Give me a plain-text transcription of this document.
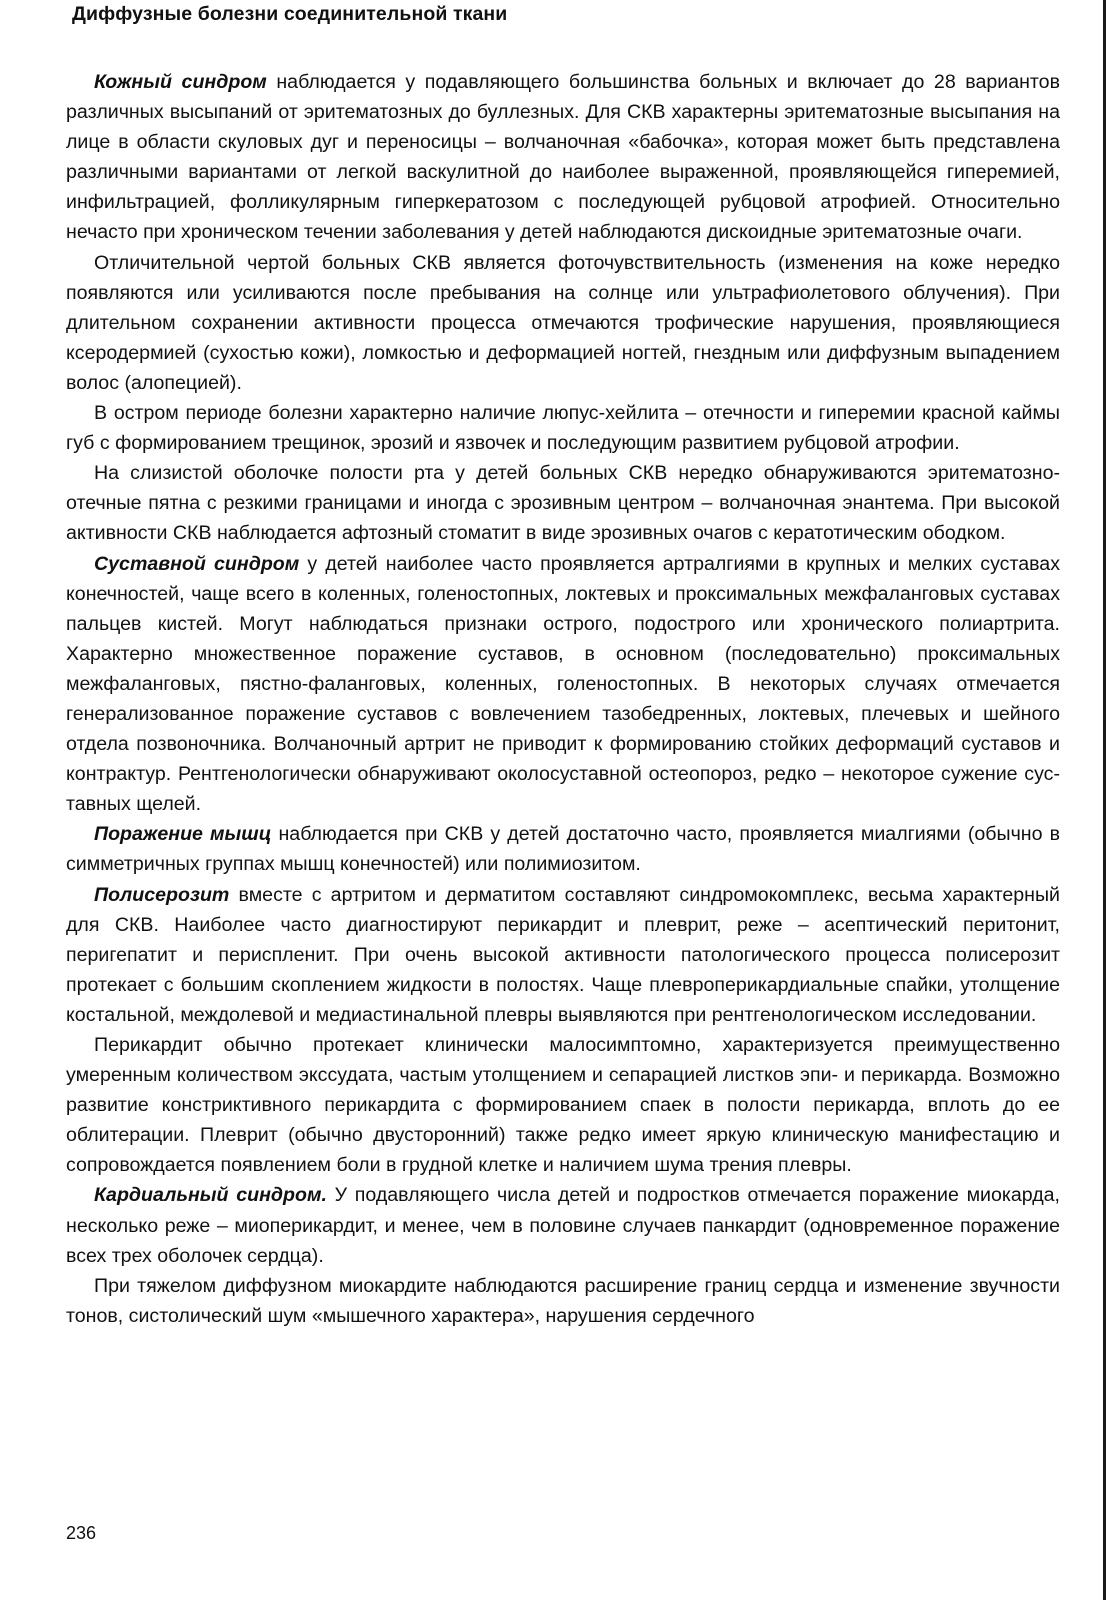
Диффузные болезни соединительной ткани

Кожный синдром наблюдается у подавляющего большинства больных и включает до 28 вариантов различных высыпаний от эритематозных до буллезных. Для СКВ характерны эритематозные высыпания на лице в области скуловых дуг и переносицы – волчаночная «бабочка», которая может быть представлена различными вариантами от легкой васкулитной до наиболее выраженной, проявляющейся гиперемией, инфильтрацией, фолликулярным гиперкератозом с последующей рубцовой атрофией. Относительно нечасто при хроническом течении заболевания у детей наблюдаются дискоидные эритематозные очаги.

Отличительной чертой больных СКВ является фоточувствительность (изменения на коже нередко появляются или усиливаются после пребывания на солнце или ультрафиолетового облучения). При длительном сохранении активности процесса отмечаются трофические нарушения, проявляющиеся ксеродермией (сухостью кожи), ломкостью и деформацией ногтей, гнездным или диффузным выпадением волос (алопецией).

В остром периоде болезни характерно наличие люпус-хейлита – отечности и гиперемии красной каймы губ с формированием трещинок, эрозий и язвочек и последующим развитием рубцовой атрофии.

На слизистой оболочке полости рта у детей больных СКВ нередко обнаруживаются эритематозно-отечные пятна с резкими границами и иногда с эрозивным центром – волчаночная энантема. При высокой активности СКВ наблюдается афтозный стоматит в виде эрозивных очагов с кератотическим ободком.

Суставной синдром у детей наиболее часто проявляется артралгиями в крупных и мелких суставах конечностей, чаще всего в коленных, голеностопных, локтевых и проксимальных межфаланговых суставах пальцев кистей. Могут наблюдаться признаки острого, подострого или хронического полиартрита. Характерно множественное поражение суставов, в основном (последовательно) проксимальных межфаланговых, пястно-фаланговых, коленных, голеностопных. В некоторых случаях отмечается генерализованное поражение суставов с вовлечением тазобедренных, локтевых, плечевых и шейного отдела позвоночника. Волчаночный артрит не приводит к формированию стойких деформаций суставов и контрактур. Рентгенологически обнаруживают околосуставной остеопороз, редко – некоторое сужение суставных щелей.

Поражение мышц наблюдается при СКВ у детей достаточно часто, проявляется миалгиями (обычно в симметричных группах мышц конечностей) или полимиозитом.

Полисерозит вместе с артритом и дерматитом составляют синдромокомплекс, весьма характерный для СКВ. Наиболее часто диагностируют перикардит и плеврит, реже – асептический перитонит, перигепатит и периспленит. При очень высокой активности патологического процесса полисерозит протекает с большим скоплением жидкости в полостях. Чаще плевроперикардиальные спайки, утолщение костальной, междолевой и медиастинальной плевры выявляются при рентгенологическом исследовании.

Перикардит обычно протекает клинически малосимптомно, характеризуется преимущественно умеренным количеством экссудата, частым утолщением и сепарацией листков эпи- и перикарда. Возможно развитие констриктивного перикардита с формированием спаек в полости перикарда, вплоть до ее облитерации. Плеврит (обычно двусторонний) также редко имеет яркую клиническую манифестацию и сопровождается появлением боли в грудной клетке и наличием шума трения плевры.

Кардиальный синдром. У подавляющего числа детей и подростков отмечается поражение миокарда, несколько реже – миоперикардит, и менее, чем в половине случаев панкардит (одновременное поражение всех трех оболочек сердца).

При тяжелом диффузном миокардите наблюдаются расширение границ сердца и изменение звучности тонов, систолический шум «мышечного характера», нарушения сердечного

236
